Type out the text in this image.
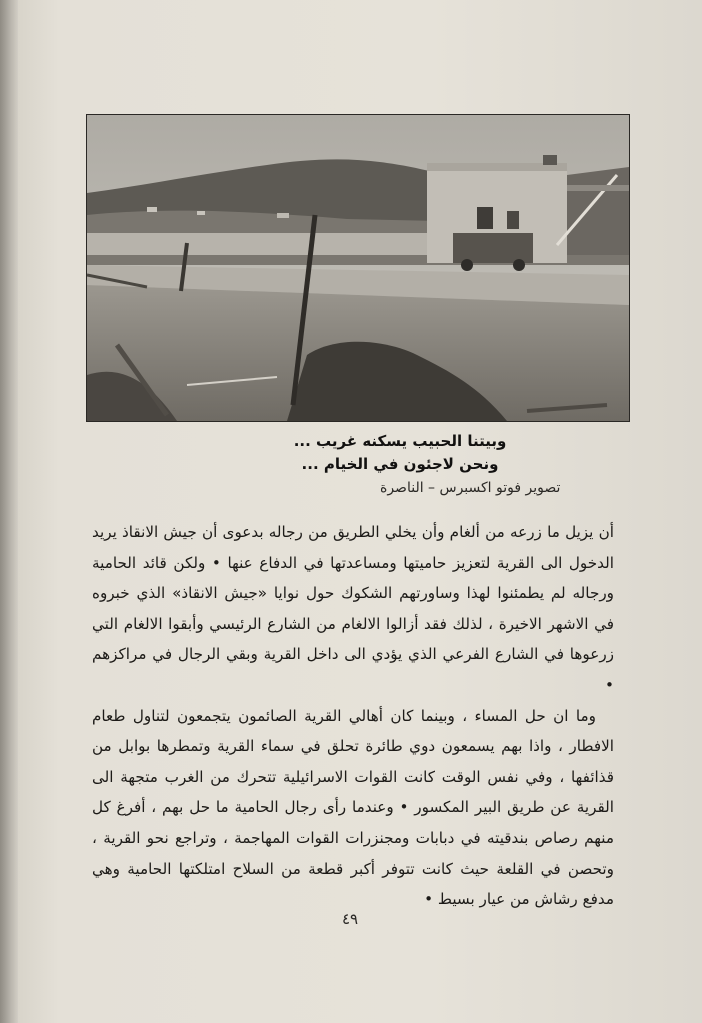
وبيتنا الحبيب يسكنه غريب ...
ونحن لاجئون في الخيام ...
تصوير فوتو اكسبرس – الناصرة

أن يزيل ما زرعه من ألغام وأن يخلي الطريق من رجاله بدعوى أن جيش الانقاذ يريد الدخول الى القرية لتعزيز حاميتها ومساعدتها في الدفاع عنها • ولكن قائد الحامية ورجاله لم يطمئنوا لهذا وساورتهم الشكوك حول نوايا «جيش الانقاذ» الذي خبروه في الاشهر الاخيرة ، لذلك فقد أزالوا الالغام من الشارع الرئيسي وأبقوا الالغام التي زرعوها في الشارع الفرعي الذي يؤدي الى داخل القرية وبقي الرجال في مراكزهم •

وما ان حل المساء ، وبينما كان أهالي القرية الصائمون يتجمعون لتناول طعام الافطار ، واذا بهم يسمعون دوي طائرة تحلق في سماء القرية وتمطرها بوابل من قذائفها ، وفي نفس الوقت كانت القوات الاسرائيلية تتحرك من الغرب متجهة الى القرية عن طريق البير المكسور • وعندما رأى رجال الحامية ما حل بهم ، أفرغ كل منهم رصاص بندقيته في دبابات ومجنزرات القوات المهاجمة ، وتراجع نحو القرية ، وتحصن في القلعة حيث كانت تتوفر أكبر قطعة من السلاح امتلكتها الحامية وهي مدفع رشاش من عيار بسيط •

٤٩
